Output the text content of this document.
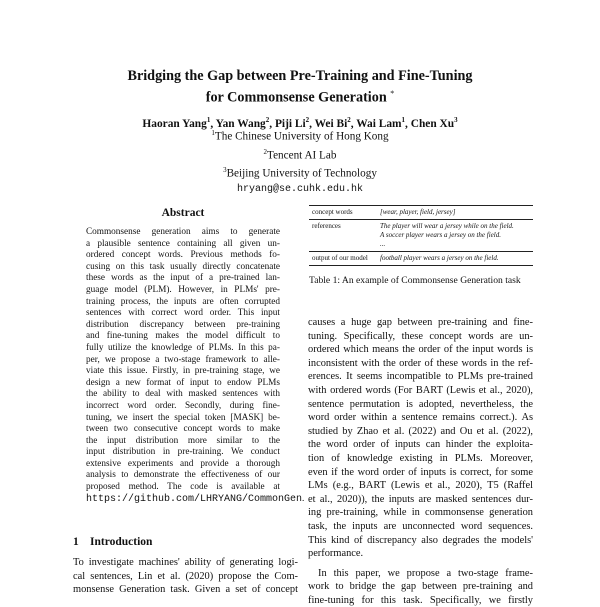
Bridging the Gap between Pre-Training and Fine-Tuning
for Commonsense Generation *
Haoran Yang$^1$, Yan Wang$^2$, Piji Li$^2$, Wei Bi$^2$, Wai Lam$^1$, Chen Xu$^3$
$^1$The Chinese University of Hong Kong
$^2$Tencent AI Lab
$^3$Beijing University of Technology
hryang@se.cuhk.edu.hk
Abstract
Commonsense generation aims to generate
a plausible sentence containing all given un-
ordered concept words. Previous methods fo-
cusing on this task usually directly concatenate
these words as the input of a pre-trained lan-
guage model (PLM). However, in PLMs' pre-
training process, the inputs are often corrupted
sentences with correct word order. This input
distribution discrepancy between pre-training
and fine-tuning makes the model difficult to
fully utilize the knowledge of PLMs. In this pa-
per, we propose a two-stage framework to alle-
viate this issue. Firstly, in pre-training stage, we
design a new format of input to endow PLMs
the ability to deal with masked sentences with
incorrect word order. Secondly, during fine-
tuning, we insert the special token [MASK] be-
tween two consecutive concept words to make
the input distribution more similar to the
input distribution in pre-training. We conduct
extensive experiments and provide a thorough
analysis to demonstrate the effectiveness of our
proposed method. The code is available at
https://github.com/LHRYANG/CommonGen.
1 Introduction
To investigate machines' ability of generating logi-
cal sentences, Lin et al. (2020) propose the Com-
monsense Generation task. Given a set of concept
concept words	[wear, player, field, jersey]
references	The player will wear a jersey while on the field.
A soccer player wears a jersey on the field.
...

output of our model	football player wears a jersey on the field.
Table 1: An example of Commonsense Generation task
causes a huge gap between pre-training and fine-
tuning. Specifically, these concept words are un-
ordered which means the order of the input words is
inconsistent with the order of these words in the ref-
erences. It seems incompatible to PLMs pre-trained
with ordered words (For BART (Lewis et al., 2020),
sentence permutation is adopted, nevertheless, the
word order within a sentence remains correct.). As
studied by Zhao et al. (2022) and Ou et al. (2022),
the word order of inputs can hinder the exploita-
tion of knowledge existing in PLMs. Moreover,
even if the word order of inputs is correct, for some
LMs (e.g., BART (Lewis et al., 2020), T5 (Raffel
et al., 2020)), the inputs are masked sentences dur-
ing pre-training, while in commonsense generation
task, the inputs are unconnected word sequences.
This kind of discrepancy also degrades the models'
performance.
In this paper, we propose a two-stage frame-
work to bridge the gap between pre-training and
fine-tuning for this task. Specifically, we firstly
